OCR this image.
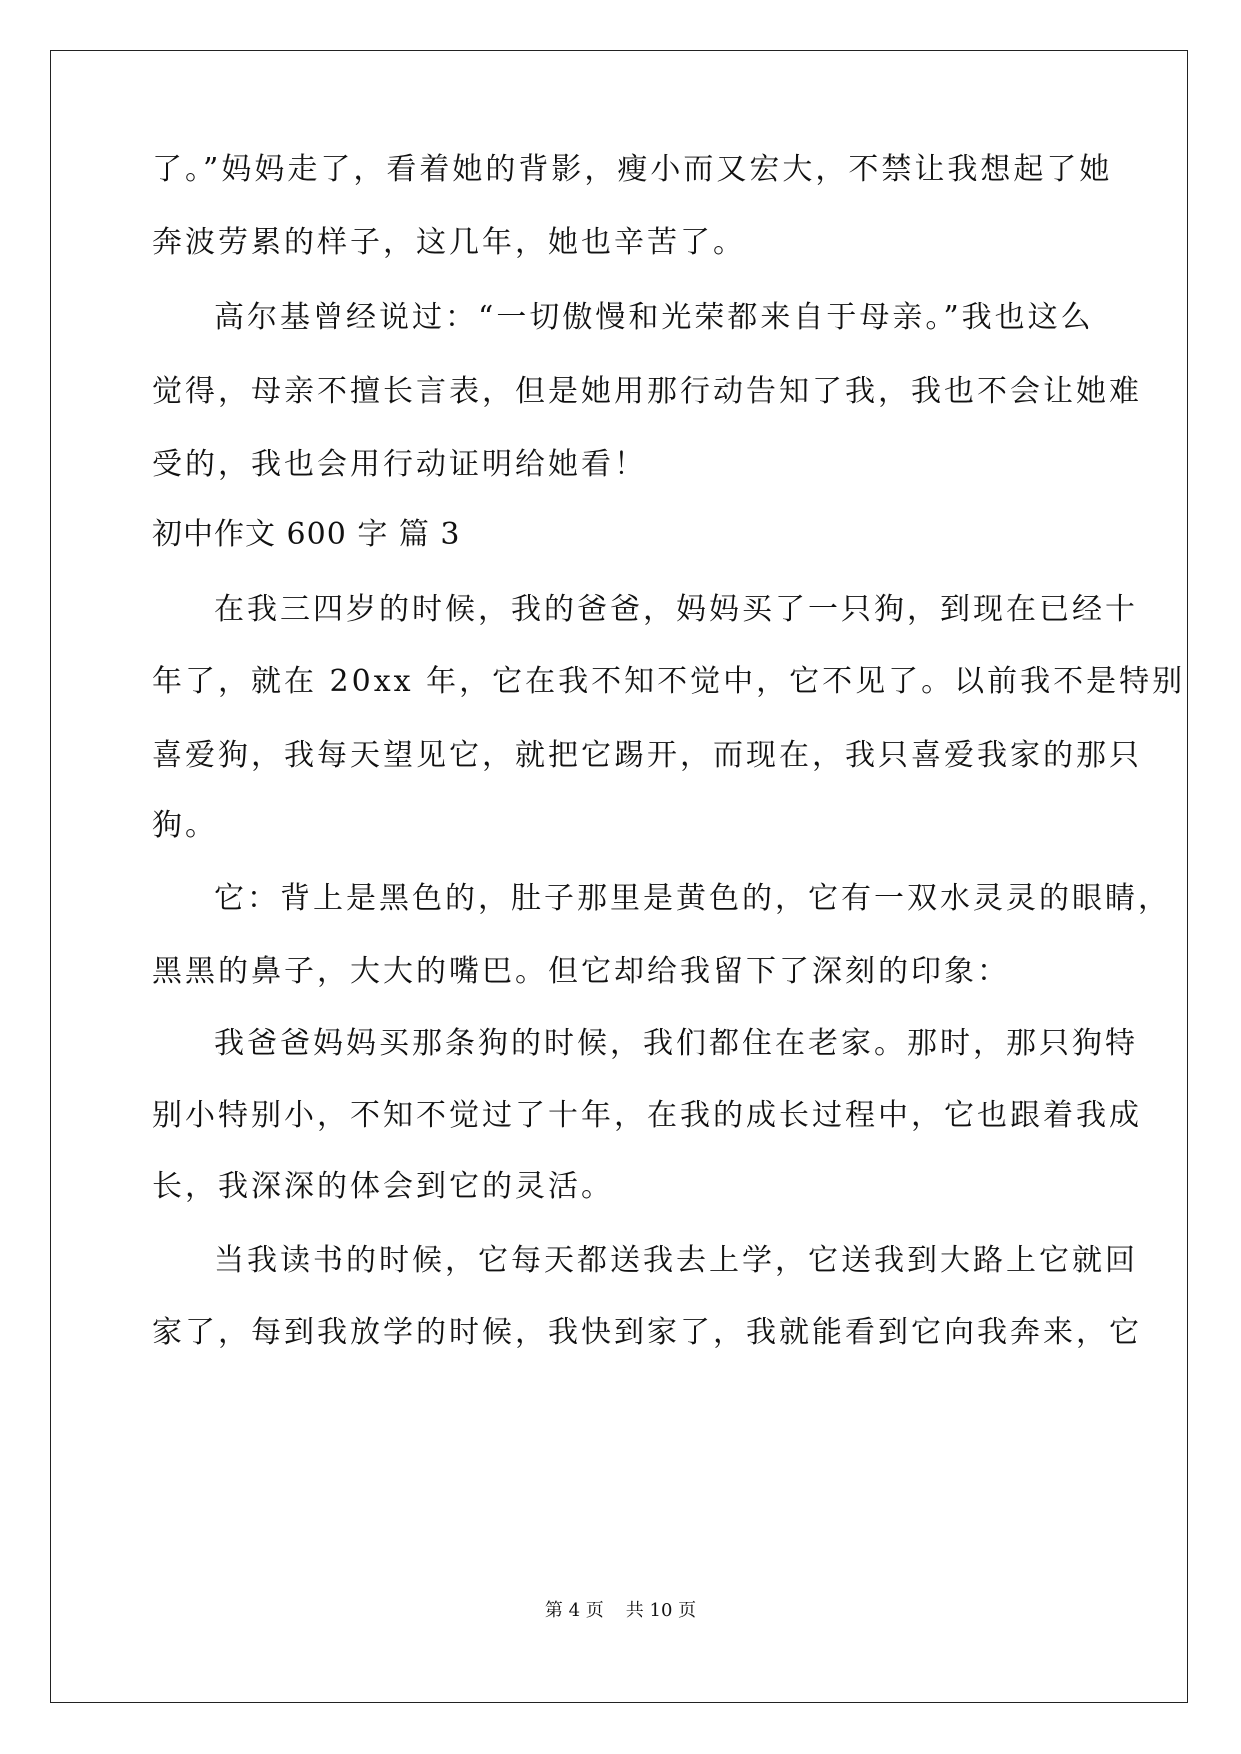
了。”妈妈走了，看着她的背影，瘦小而又宏大，不禁让我想起了她
奔波劳累的样子，这几年，她也辛苦了。
高尔基曾经说过：“一切傲慢和光荣都来自于母亲。”我也这么
觉得，母亲不擅长言表，但是她用那行动告知了我，我也不会让她难
受的，我也会用行动证明给她看！
初中作文 600 字 篇 3
在我三四岁的时候，我的爸爸，妈妈买了一只狗，到现在已经十
年了，就在 20xx 年，它在我不知不觉中，它不见了。以前我不是特别
喜爱狗，我每天望见它，就把它踢开，而现在，我只喜爱我家的那只
狗。
它：背上是黑色的，肚子那里是黄色的，它有一双水灵灵的眼睛，
黑黑的鼻子，大大的嘴巴。但它却给我留下了深刻的印象：
我爸爸妈妈买那条狗的时候，我们都住在老家。那时，那只狗特
别小特别小，不知不觉过了十年，在我的成长过程中，它也跟着我成
长，我深深的体会到它的灵活。
当我读书的时候，它每天都送我去上学，它送我到大路上它就回
家了，每到我放学的时候，我快到家了，我就能看到它向我奔来，它
第 4 页 共 10 页
